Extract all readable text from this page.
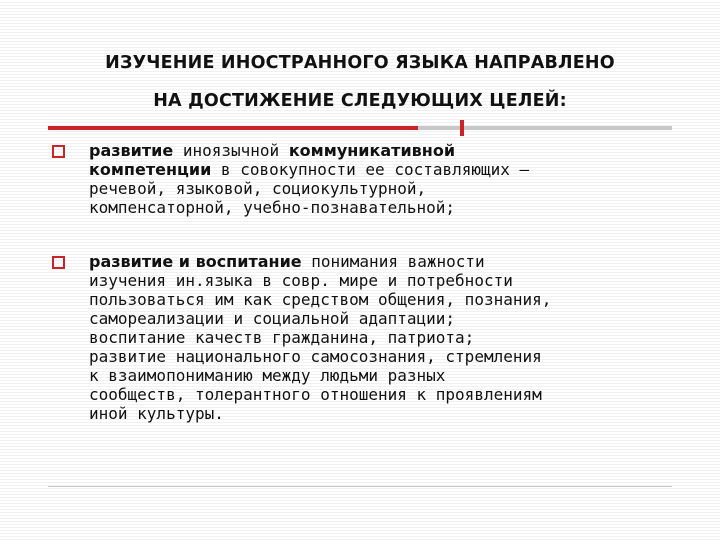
ИЗУЧЕНИЕ ИНОСТРАННОГО ЯЗЫКА НАПРАВЛЕНО
НА ДОСТИЖЕНИЕ СЛЕДУЮЩИХ ЦЕЛЕЙ:
развитие иноязычной коммуникативной
компетенции в совокупности ее составляющих –
речевой, языковой, социокультурной,
компенсаторной, учебно-познавательной;
развитие и воспитание понимания важности
изучения ин.языка в совр. мире и потребности
пользоваться им как средством общения, познания,
самореализации и социальной адаптации;
воспитание качеств гражданина, патриота;
развитие национального самосознания, стремления
к взаимопониманию между людьми разных
сообществ, толерантного отношения к проявлениям
иной культуры.
